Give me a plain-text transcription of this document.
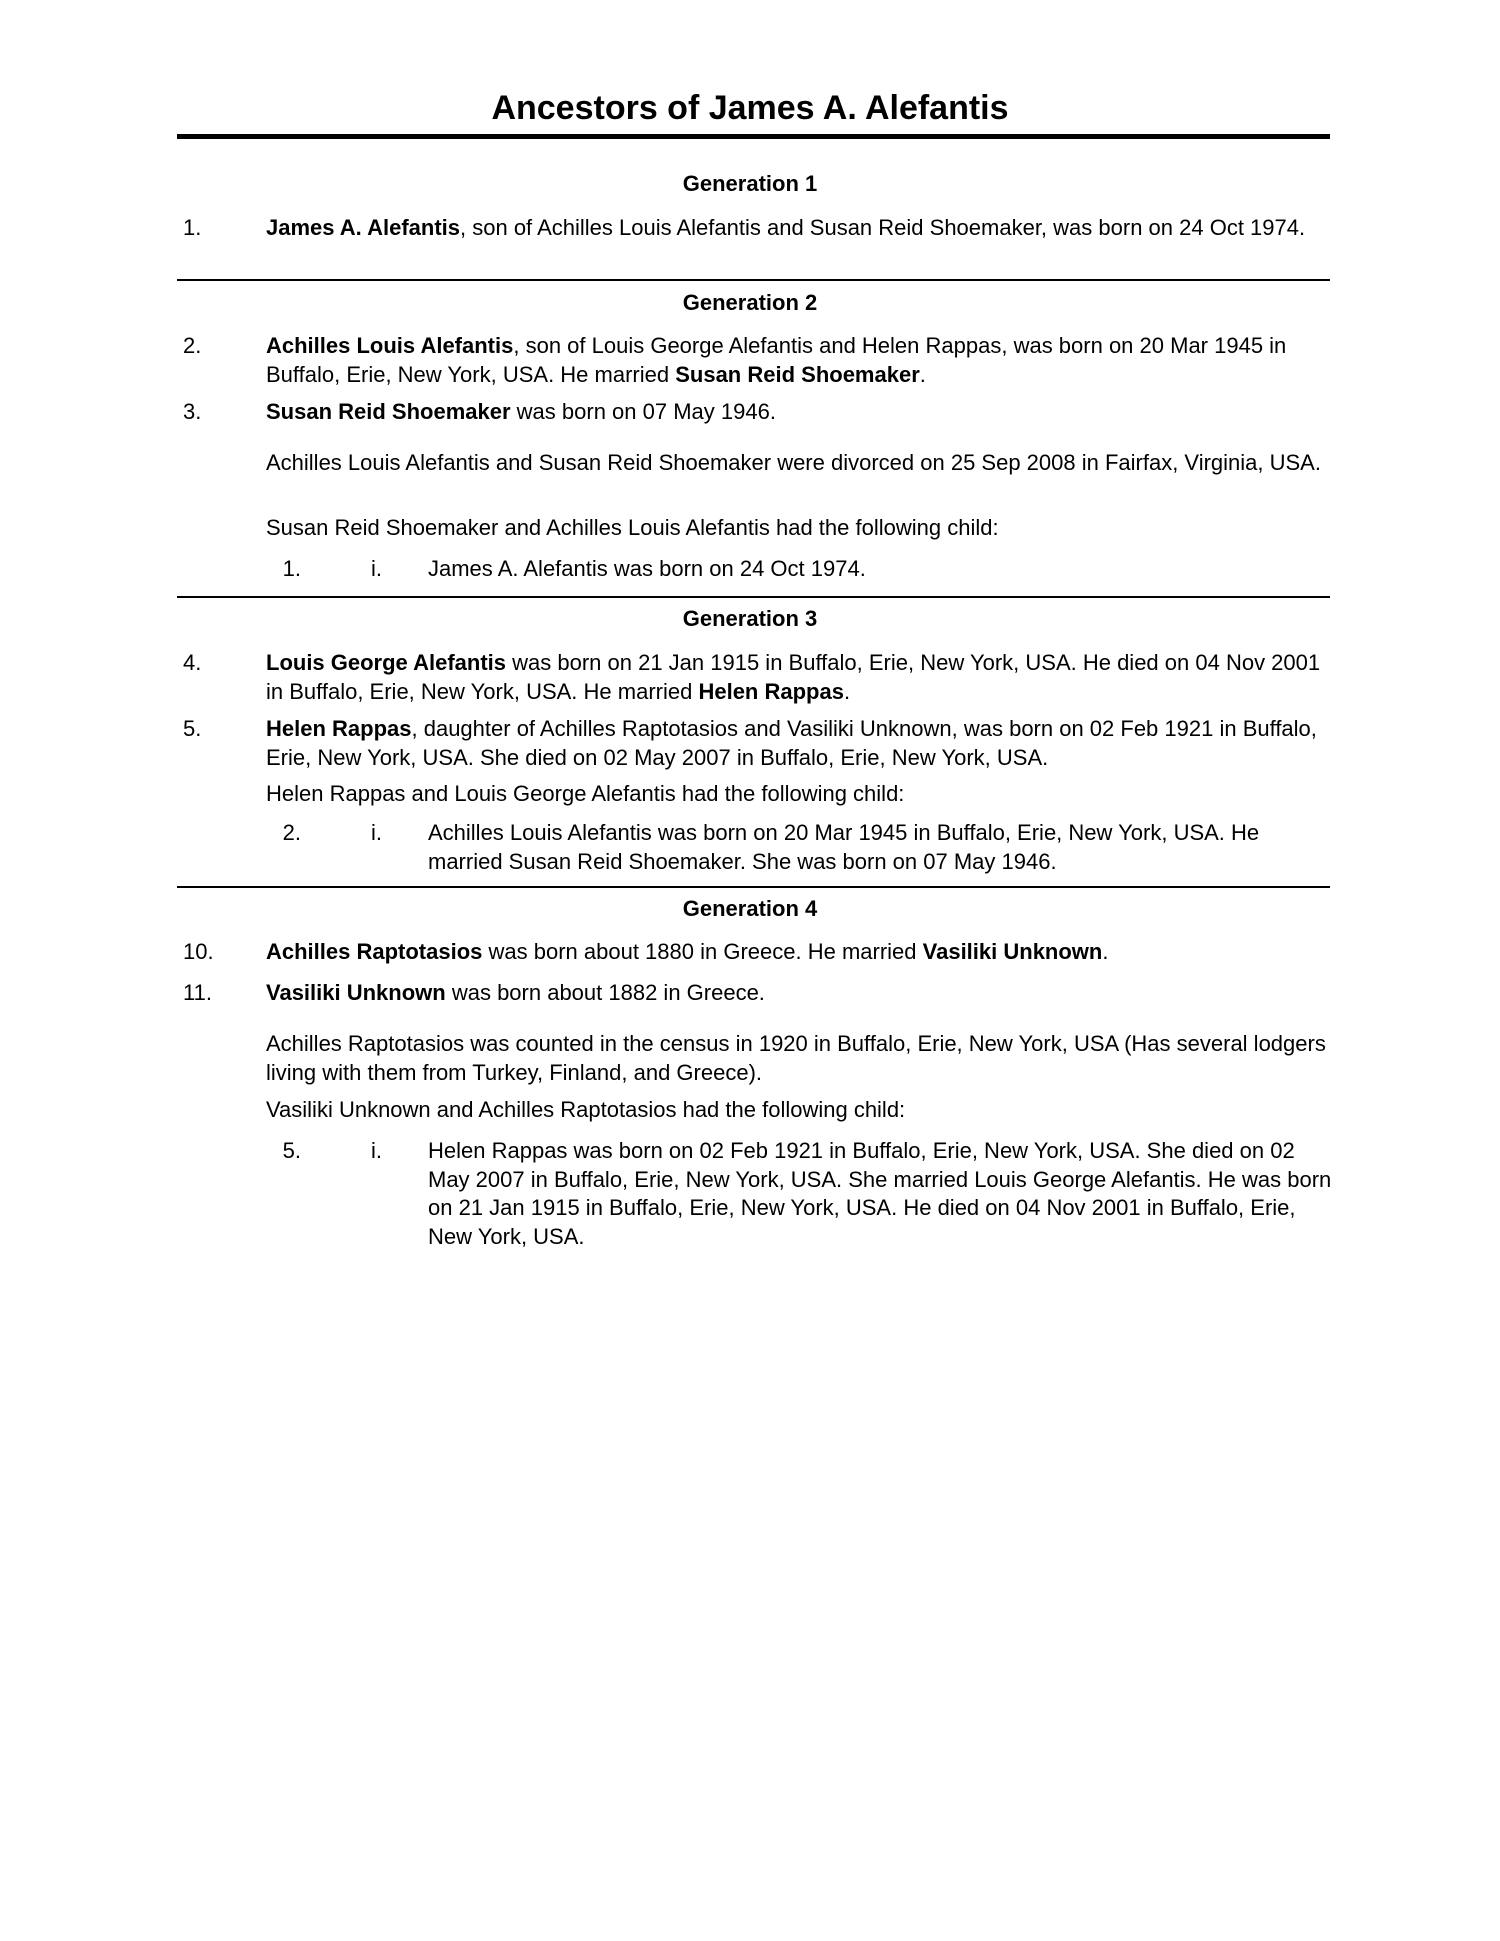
Ancestors of James A. Alefantis
Generation 1
1.	James A. Alefantis, son of Achilles Louis Alefantis and Susan Reid Shoemaker, was born on 24 Oct 1974.
Generation 2
2.	Achilles Louis Alefantis, son of Louis George Alefantis and Helen Rappas, was born on 20 Mar 1945 in Buffalo, Erie, New York, USA. He married Susan Reid Shoemaker.
3.	Susan Reid Shoemaker was born on 07 May 1946.
Achilles Louis Alefantis and Susan Reid Shoemaker were divorced on 25 Sep 2008 in Fairfax, Virginia, USA.
Susan Reid Shoemaker and Achilles Louis Alefantis had the following child:
1.	i. James A. Alefantis was born on 24 Oct 1974.
Generation 3
4.	Louis George Alefantis was born on 21 Jan 1915 in Buffalo, Erie, New York, USA. He died on 04 Nov 2001 in Buffalo, Erie, New York, USA. He married Helen Rappas.
5.	Helen Rappas, daughter of Achilles Raptotasios and Vasiliki Unknown, was born on 02 Feb 1921 in Buffalo, Erie, New York, USA. She died on 02 May 2007 in Buffalo, Erie, New York, USA.
Helen Rappas and Louis George Alefantis had the following child:
2.	i. Achilles Louis Alefantis was born on 20 Mar 1945 in Buffalo, Erie, New York, USA. He married Susan Reid Shoemaker. She was born on 07 May 1946.
Generation 4
10. Achilles Raptotasios was born about 1880 in Greece. He married Vasiliki Unknown.
11. Vasiliki Unknown was born about 1882 in Greece.
Achilles Raptotasios was counted in the census in 1920 in Buffalo, Erie, New York, USA (Has several lodgers living with them from Turkey, Finland, and Greece).
Vasiliki Unknown and Achilles Raptotasios had the following child:
5.	i. Helen Rappas was born on 02 Feb 1921 in Buffalo, Erie, New York, USA. She died on 02 May 2007 in Buffalo, Erie, New York, USA. She married Louis George Alefantis. He was born on 21 Jan 1915 in Buffalo, Erie, New York, USA. He died on 04 Nov 2001 in Buffalo, Erie, New York, USA.
